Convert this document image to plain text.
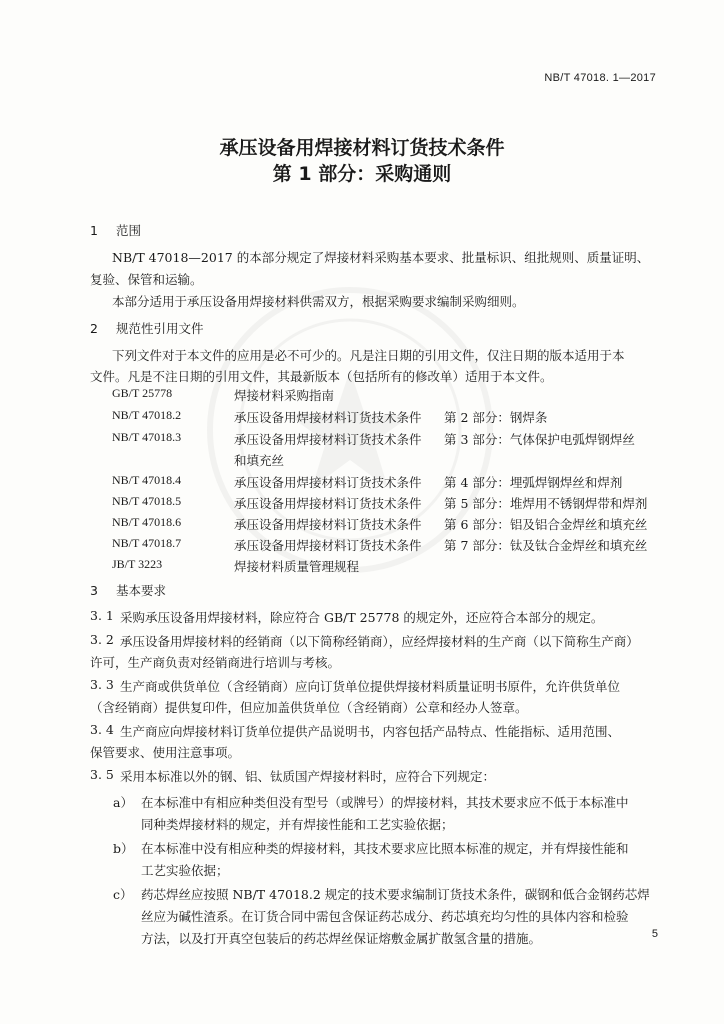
NB/T 47018. 1—2017
承压设备用焊接材料订货技术条件
第 1 部分：采购通则
1 范围
NB/T 47018—2017 的本部分规定了焊接材料采购基本要求、批量标识、组批规则、质量证明、
复验、保管和运输。
本部分适用于承压设备用焊接材料供需双方，根据采购要求编制采购细则。
2 规范性引用文件
下列文件对于本文件的应用是必不可少的。凡是注日期的引用文件，仅注日期的版本适用于本
文件。凡是不注日期的引用文件，其最新版本（包括所有的修改单）适用于本文件。
GB/T 25778	焊接材料采购指南
NB/T 47018.2	承压设备用焊接材料订货技术条件 第 2 部分：钢焊条
NB/T 47018.3	承压设备用焊接材料订货技术条件 第 3 部分：气体保护电弧焊钢焊丝
和填充丝
NB/T 47018.4	承压设备用焊接材料订货技术条件 第 4 部分：埋弧焊钢焊丝和焊剂
NB/T 47018.5	承压设备用焊接材料订货技术条件 第 5 部分：堆焊用不锈钢焊带和焊剂
NB/T 47018.6	承压设备用焊接材料订货技术条件 第 6 部分：铝及铝合金焊丝和填充丝
NB/T 47018.7	承压设备用焊接材料订货技术条件 第 7 部分：钛及钛合金焊丝和填充丝
JB/T 3223	焊接材料质量管理规程
3 基本要求
3. 1 采购承压设备用焊接材料，除应符合 GB/T 25778 的规定外，还应符合本部分的规定。
3. 2 承压设备用焊接材料的经销商（以下简称经销商），应经焊接材料的生产商（以下简称生产商）
许可，生产商负责对经销商进行培训与考核。
3. 3 生产商或供货单位（含经销商）应向订货单位提供焊接材料质量证明书原件，允许供货单位
（含经销商）提供复印件，但应加盖供货单位（含经销商）公章和经办人签章。
3. 4 生产商应向焊接材料订货单位提供产品说明书，内容包括产品特点、性能指标、适用范围、
保管要求、使用注意事项。
3. 5 采用本标准以外的钢、铝、钛质国产焊接材料时，应符合下列规定：
a） 在本标准中有相应种类但没有型号（或牌号）的焊接材料，其技术要求应不低于本标准中
同种类焊接材料的规定，并有焊接性能和工艺实验依据；
b） 在本标准中没有相应种类的焊接材料，其技术要求应比照本标准的规定，并有焊接性能和
工艺实验依据；
c） 药芯焊丝应按照 NB/T 47018.2 规定的技术要求编制订货技术条件，碳钢和低合金钢药芯焊
丝应为碱性渣系。在订货合同中需包含保证药芯成分、药芯填充均匀性的具体内容和检验
方法，以及打开真空包装后的药芯焊丝保证熔敷金属扩散氢含量的措施。	5
